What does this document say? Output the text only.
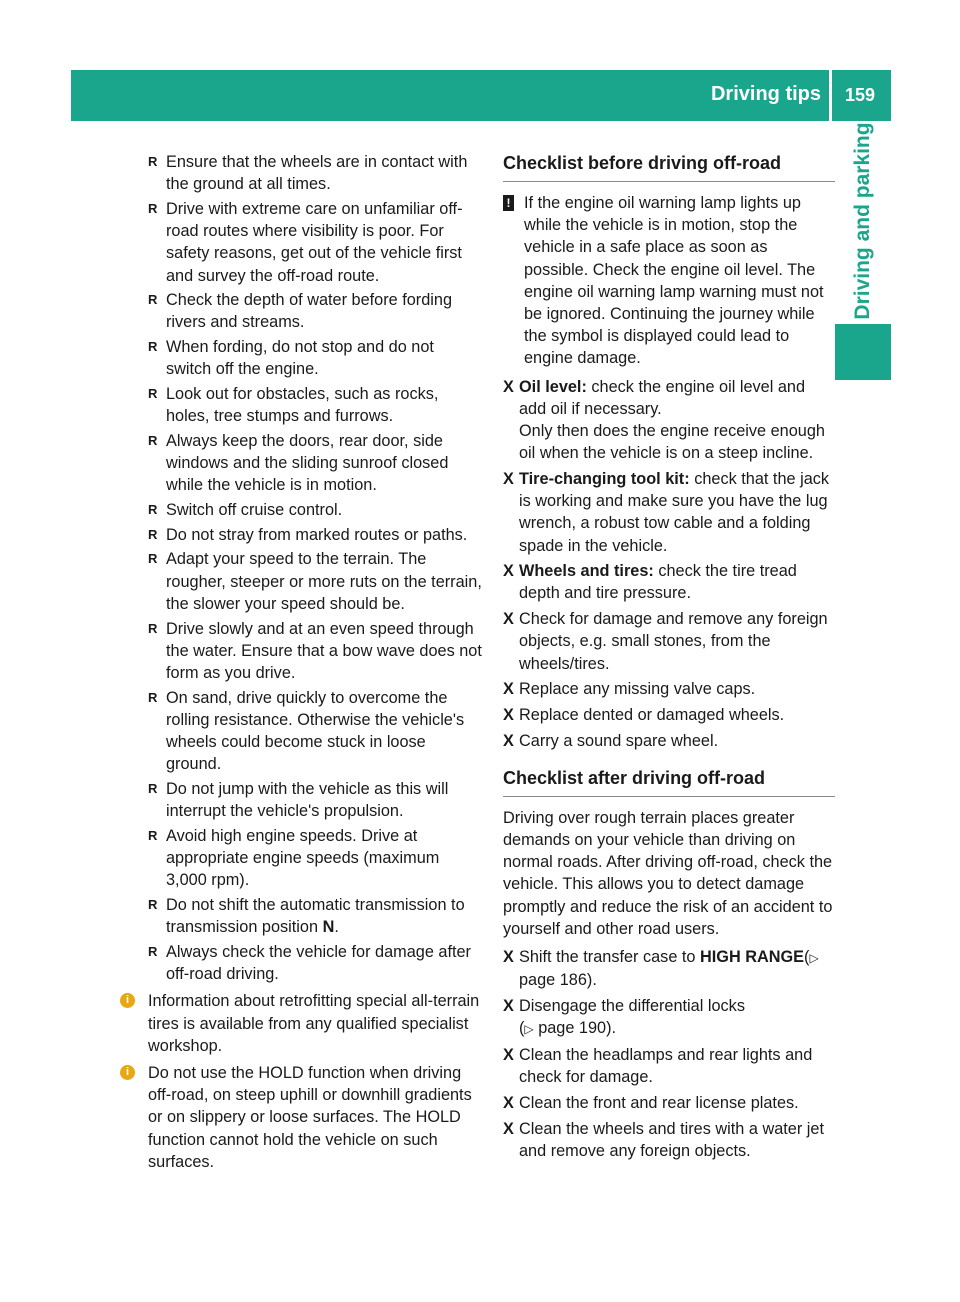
Driving tips 159
Driving and parking
R Ensure that the wheels are in contact with the ground at all times.
R Drive with extreme care on unfamiliar off-road routes where visibility is poor. For safety reasons, get out of the vehicle first and survey the off-road route.
R Check the depth of water before fording rivers and streams.
R When fording, do not stop and do not switch off the engine.
R Look out for obstacles, such as rocks, holes, tree stumps and furrows.
R Always keep the doors, rear door, side windows and the sliding sunroof closed while the vehicle is in motion.
R Switch off cruise control.
R Do not stray from marked routes or paths.
R Adapt your speed to the terrain. The rougher, steeper or more ruts on the terrain, the slower your speed should be.
R Drive slowly and at an even speed through the water. Ensure that a bow wave does not form as you drive.
R On sand, drive quickly to overcome the rolling resistance. Otherwise the vehicle's wheels could become stuck in loose ground.
R Do not jump with the vehicle as this will interrupt the vehicle's propulsion.
R Avoid high engine speeds. Drive at appropriate engine speeds (maximum 3,000 rpm).
R Do not shift the automatic transmission to transmission position N.
R Always check the vehicle for damage after off-road driving.
i	Information about retrofitting special all-terrain tires is available from any qualified specialist workshop.
i	Do not use the HOLD function when driving off-road, on steep uphill or downhill gradients or on slippery or loose surfaces. The HOLD function cannot hold the vehicle on such surfaces.
Checklist before driving off-road
! If the engine oil warning lamp lights up while the vehicle is in motion, stop the vehicle in a safe place as soon as possible. Check the engine oil level. The engine oil warning lamp warning must not be ignored. Continuing the journey while the symbol is displayed could lead to engine damage.
X Oil level: check the engine oil level and add oil if necessary.
Only then does the engine receive enough oil when the vehicle is on a steep incline.
X Tire-changing tool kit: check that the jack is working and make sure you have the lug wrench, a robust tow cable and a folding spade in the vehicle.
X Wheels and tires: check the tire tread depth and tire pressure.
X Check for damage and remove any foreign objects, e.g. small stones, from the wheels/tires.
X Replace any missing valve caps.
X Replace dented or damaged wheels.
X Carry a sound spare wheel.
Checklist after driving off-road

Driving over rough terrain places greater demands on your vehicle than driving on normal roads. After driving off-road, check the vehicle. This allows you to detect damage promptly and reduce the risk of an accident to yourself and other road users.

X Shift the transfer case to HIGH RANGE(▷ page 186).
X Disengage the differential locks
(▷ page 190).
X Clean the headlamps and rear lights and check for damage.
X Clean the front and rear license plates.
X Clean the wheels and tires with a water jet and remove any foreign objects.
